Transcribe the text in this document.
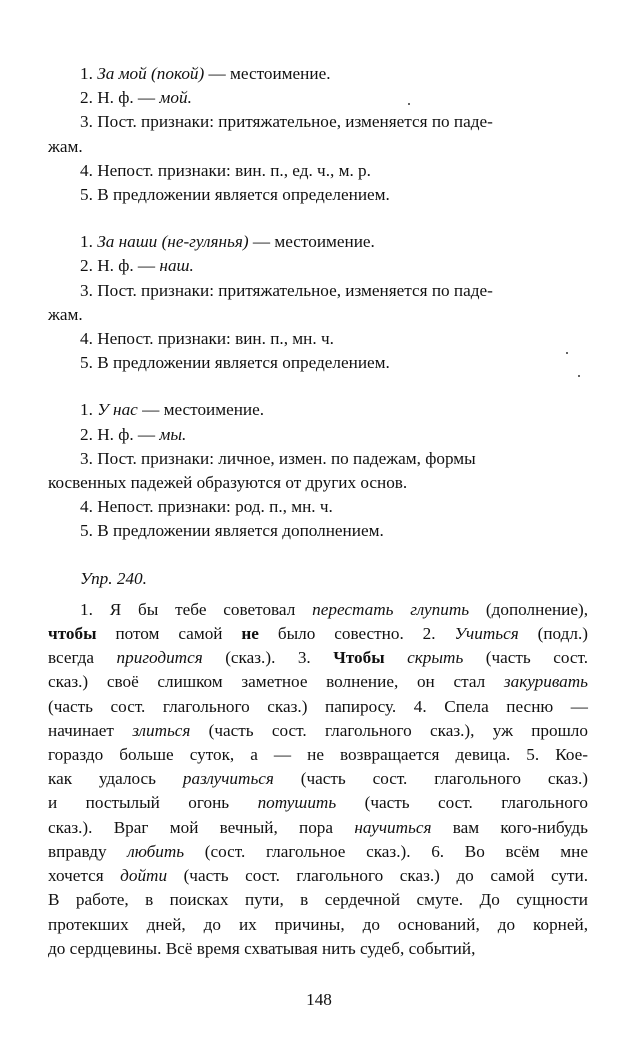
1. За мой (покой) — местоимение.
2. Н. ф. — мой.
3. Пост. признаки: притяжательное, изменяется по паде-
жам.
4. Непост. признаки: вин. п., ед. ч., м. р.
5. В предложении является определением.
1. За наши (не-гулянья) — местоимение.
2. Н. ф. — наш.
3. Пост. признаки: притяжательное, изменяется по паде-
жам.
4. Непост. признаки: вин. п., мн. ч.
5. В предложении является определением.
1. У нас — местоимение.
2. Н. ф. — мы.
3. Пост. признаки: личное, измен. по падежам, формы
косвенных падежей образуются от других основ.
4. Непост. признаки: род. п., мн. ч.
5. В предложении является дополнением.
Упр. 240.
1. Я бы тебе советовал перестать глупить (дополнение),
чтобы потом самой не было совестно. 2. Учиться (подл.)
всегда пригодится (сказ.). 3. Чтобы скрыть (часть сост.
сказ.) своё слишком заметное волнение, он стал закуривать
(часть сост. глагольного сказ.) папиросу. 4. Спела песню —
начинает злиться (часть сост. глагольного сказ.), уж прошло
гораздо больше суток, а — не возвращается девица. 5. Кое-
как удалось разлучиться (часть сост. глагольного сказ.)
и постылый огонь потушить (часть сост. глагольного
сказ.). Враг мой вечный, пора научиться вам кого-нибудь
вправду любить (сост. глагольное сказ.). 6. Во всём мне
хочется дойти (часть сост. глагольного сказ.) до самой сути.
В работе, в поисках пути, в сердечной смуте. До сущности
протекших дней, до их причины, до оснований, до корней,
до сердцевины. Всё время схватывая нить судеб, событий,
148
